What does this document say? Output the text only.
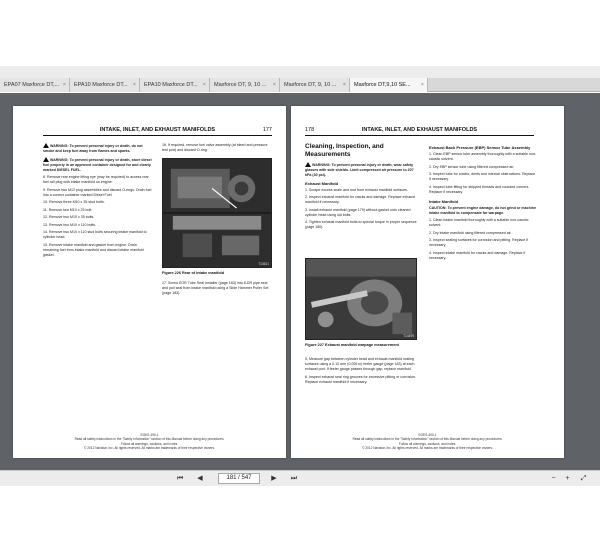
EPA07 Maxforce DT,... ×	EPA10 Maxforce DT... ×	EPA10 Maxforce DT... ×	Maxforce DT, 9, 10 ... ×	Maxforce DT, 9, 10 ... ×	Maxforce DT,9,10 SE... ×
INTAKE, INLET, AND EXHAUST MANIFOLDS	177

WARNING: To prevent personal injury or death, do not smoke and keep fuel away from flames and sparks.

WARNING: To prevent personal injury or death, store diesel fuel properly in an approved container designed for and clearly marked DIESEL FUEL.

8. Remove rear engine lifting eye (may be required) to access rear fuel rail plug with intake manifold on engine.

9. Remove two M12 plug assemblies and discard O-rings. Drain fuel into a correct container marked Diesel Fuel.

10. Remove three M10 x 35 stud bolts.

11. Remove two M10 x 25 bolt.

12. Remove two M10 x 35 bolts.

13. Remove two M10 x 110 bolts.

14. Remove two M10 x 110 stud bolts securing intake manifold to cylinder head.

15. Remove intake manifold and gasket from engine. Drain remaining fuel from intake manifold and discard intake manifold gasket.

16. If required, remove fuel valve assembly (at bleed and pressure test port) and discard O-ring.

T14521
Figure 226 Rear of intake manifold

17. Screw EGR Tube Seal Installer (page 183) into 8-DR pipe seal and pull seal from intake manifold using a Slide Hammer Puller Set (page 183).

EGES-490-1
Read all safety instructions in the "Safety Information" section of this Manual before doing any procedures.
Follow all warnings, cautions, and notes.
© 2012 Navistar, Inc. All rights reserved. All marks are trademarks of their respective owners.
178	INTAKE, INLET, AND EXHAUST MANIFOLDS
Cleaning, Inspection, and Measurements

WARNING: To prevent personal injury or death, wear safety glasses with side shields. Limit compressed air pressure to 207 kPa (30 psi).

Exhaust Manifold

1. Scrape excess scale and rust from exhaust manifold surfaces.

2. Inspect exhaust manifold for cracks and damage. Replace exhaust manifold if necessary.

3. Install exhaust manifold (page 179) without gasket onto cleaned cylinder head using old bolts.

4. Tighten exhaust manifold bolts to special torque in proper sequence (page 180).

T14499
Figure 227 Exhaust manifold warpage measurement

5. Measure gap between cylinder head and exhaust manifold mating surfaces using a 0.12 mm (0.005 in) feeler gauge (page 183) at each exhaust port. If feeler gauge passes through gap, replace manifold.

6. Inspect exhaust seal ring grooves for excessive pitting or corrosion. Replace exhaust manifold if necessary.

Exhaust Back Pressure (EBP) Sensor Tube Assembly

1. Clean EBP sensor tube assembly thoroughly with a suitable non-caustic solvent.

2. Dry EBP sensor tube using filtered compressed air.

3. Inspect tube for cracks, dents and internal obstructions. Replace if necessary.

4. Inspect tube fitting for stripped threads and rounded corners. Replace if necessary.

Intake Manifold

CAUTION: To prevent engine damage, do not grind or machine intake manifold to compensate for warpage.

1. Clean intake manifold thoroughly with a suitable non-caustic solvent.

2. Dry intake manifold using filtered compressed air.

3. Inspect sealing surfaces for corrosion and pitting. Replace if necessary.

4. Inspect intake manifold for cracks and damage. Replace if necessary.

EGES-490-1
Read all safety instructions in the "Safety Information" section of this Manual before doing any procedures.
Follow all warnings, cautions, and notes.
© 2012 Navistar, Inc. All rights reserved. All marks are trademarks of their respective owners.
⏮	◀	181 / 547	▶	⏭	−	+	⤢
